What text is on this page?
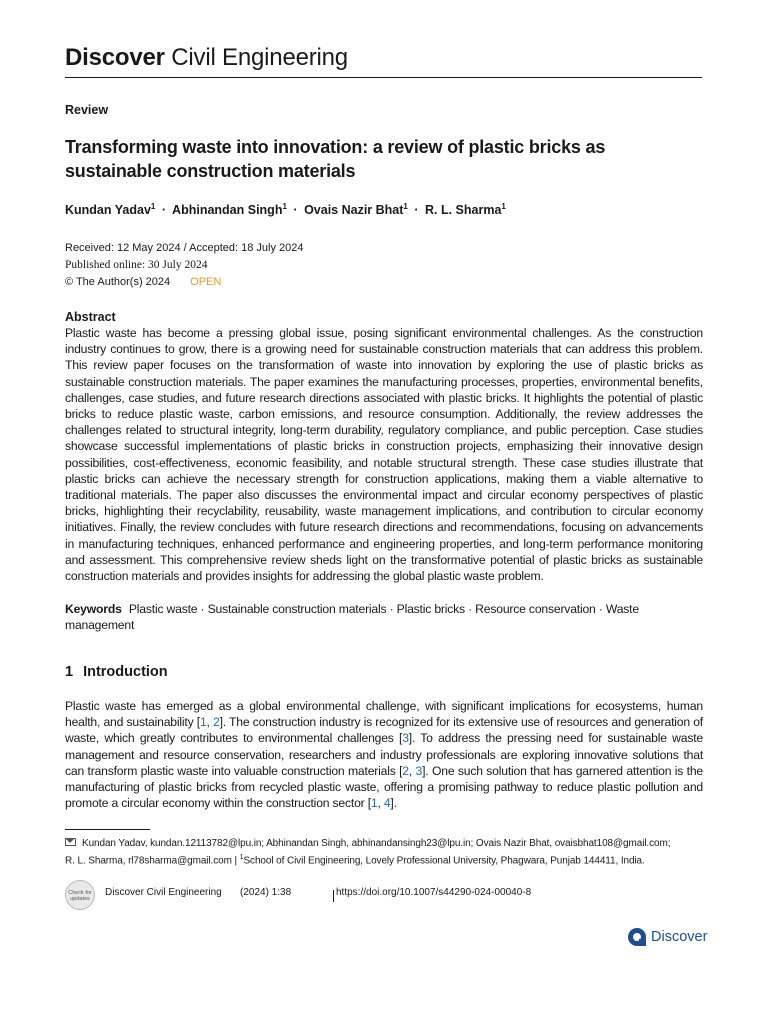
Discover Civil Engineering
Review
Transforming waste into innovation: a review of plastic bricks as sustainable construction materials
Kundan Yadav$^1$ · Abhinandan Singh$^1$ · Ovais Nazir Bhat$^1$ · R. L. Sharma$^1$
Received: 12 May 2024 / Accepted: 18 July 2024
Published online: 30 July 2024
© The Author(s) 2024 OPEN
Abstract

Plastic waste has become a pressing global issue, posing significant environmental challenges. As the construction industry continues to grow, there is a growing need for sustainable construction materials that can address this problem. This review paper focuses on the transformation of waste into innovation by exploring the use of plastic bricks as sustainable construction materials. The paper examines the manufacturing processes, properties, environmental benefits, challenges, case studies, and future research directions associated with plastic bricks. It highlights the potential of plastic bricks to reduce plastic waste, carbon emissions, and resource consumption. Additionally, the review addresses the challenges related to structural integrity, long-term durability, regulatory compliance, and public perception. Case studies showcase successful implementations of plastic bricks in construction projects, emphasizing their innovative design possibilities, cost-effectiveness, economic feasibility, and notable structural strength. These case studies illustrate that plastic bricks can achieve the necessary strength for construction applications, making them a viable alternative to traditional materials. The paper also discusses the environmental impact and circular economy perspectives of plastic bricks, highlighting their recyclability, reusability, waste management implications, and contribution to circular economy initiatives. Finally, the review concludes with future research directions and recommendations, focusing on advancements in manufacturing techniques, enhanced performance and engineering properties, and long-term performance monitoring and assessment. This comprehensive review sheds light on the transformative potential of plastic bricks as sustainable construction materials and provides insights for addressing the global plastic waste problem.

Keywords Plastic waste · Sustainable construction materials · Plastic bricks · Resource conservation · Waste management
1 Introduction

Plastic waste has emerged as a global environmental challenge, with significant implications for ecosystems, human health, and sustainability [1, 2]. The construction industry is recognized for its extensive use of resources and generation of waste, which greatly contributes to environmental challenges [3]. To address the pressing need for sustainable waste management and resource conservation, researchers and industry professionals are exploring innovative solutions that can transform plastic waste into valuable construction materials [2, 3]. One such solution that has garnered attention is the manufacturing of plastic bricks from recycled plastic waste, offering a promising pathway to reduce plastic pollution and promote a circular economy within the construction sector [1, 4].

Kundan Yadav, kundan.12113782@lpu.in; Abhinandan Singh, abhinandansingh23@lpu.in; Ovais Nazir Bhat, ovaisbhat108@gmail.com;
R. L. Sharma, rl78sharma@gmail.com | $^1$School of Civil Engineering, Lovely Professional University, Phagwara, Punjab 144411, India.
Check for updates
Discover Civil Engineering (2024) 1:38	https://doi.org/10.1007/s44290-024-00040-8
Discover
